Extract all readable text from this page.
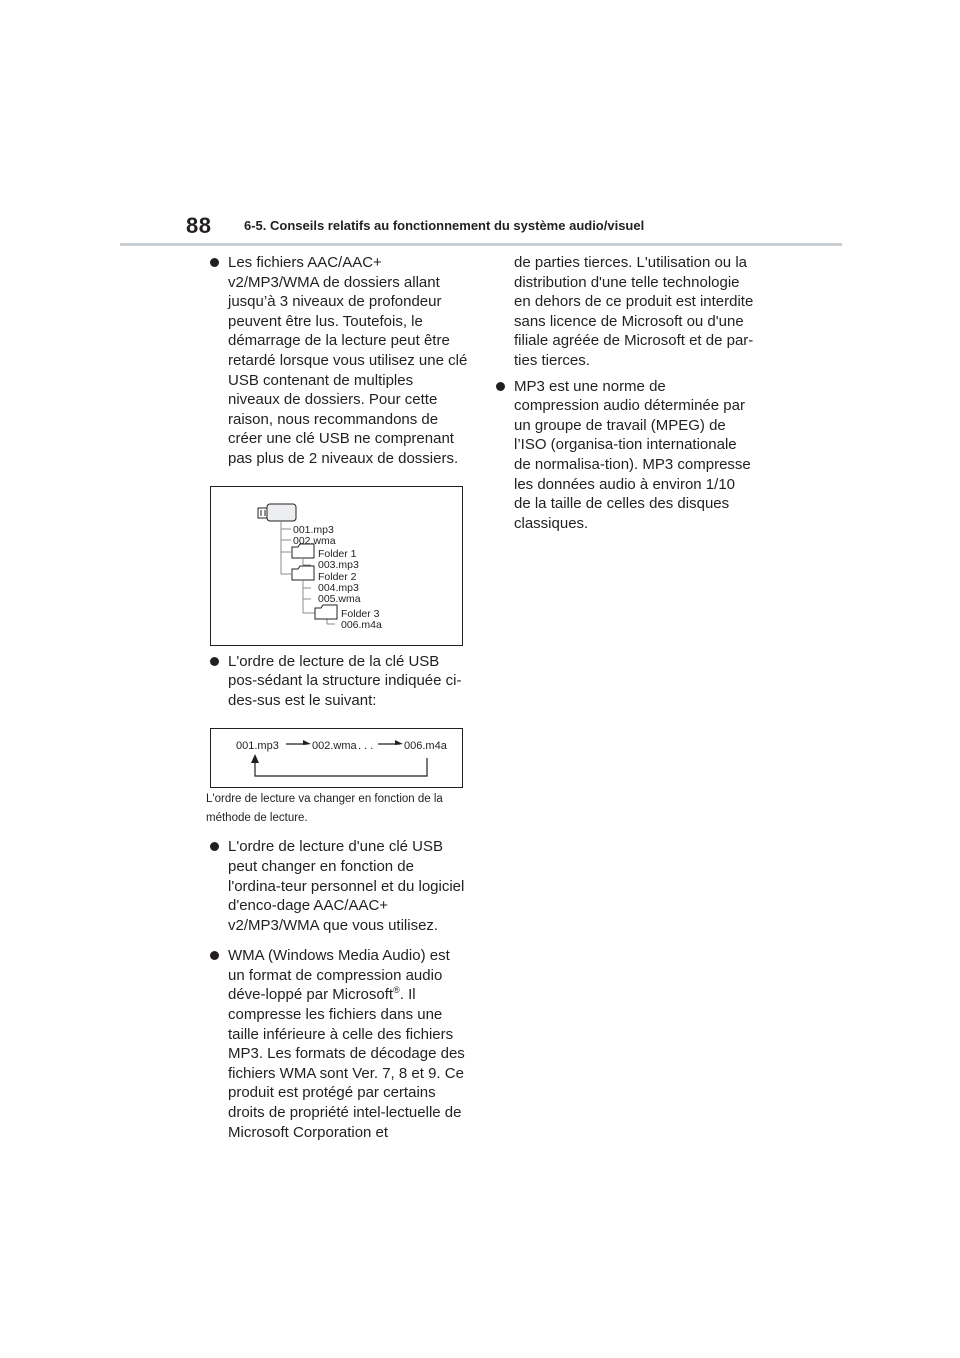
88	6-5. Conseils relatifs au fonctionnement du système audio/visuel

Les fichiers AAC/AAC+ v2/MP3/WMA de dossiers allant jusqu’à 3 niveaux de profondeur peuvent être lus. Toutefois, le démarrage de la lecture peut être retardé lorsque vous utilisez une clé USB contenant de multiples niveaux de dossiers. Pour cette raison, nous recommandons de créer une clé USB ne comprenant pas plus de 2 niveaux de dossiers.

001.mp3
002.wma
Folder 1
003.mp3
Folder 2
004.mp3
005.wma
Folder 3
006.m4a

L'ordre de lecture de la clé USB pos-sédant la structure indiquée ci-des-sus est le suivant:

001.mp3	002.wma . . .	006.m4a

L'ordre de lecture va changer en fonction de la méthode de lecture.

L'ordre de lecture d'une clé USB peut changer en fonction de l'ordina-teur personnel et du logiciel d'enco-dage AAC/AAC+ v2/MP3/WMA que vous utilisez.

WMA (Windows Media Audio) est un format de compression audio déve-loppé par Microsoft®. Il compresse les fichiers dans une taille inférieure à celle des fichiers MP3. Les formats de décodage des fichiers WMA sont Ver. 7, 8 et 9. Ce produit est protégé par certains droits de propriété intel-lectuelle de Microsoft Corporation et

de parties tierces. L'utilisation ou la distribution d'une telle technologie en dehors de ce produit est interdite sans licence de Microsoft ou d'une filiale agréée de Microsoft et de par-ties tierces.

MP3 est une norme de compression audio déterminée par un groupe de travail (MPEG) de l’ISO (organisa-tion internationale de normalisa-tion). MP3 compresse les données audio à environ 1/10 de la taille de celles des disques classiques.
